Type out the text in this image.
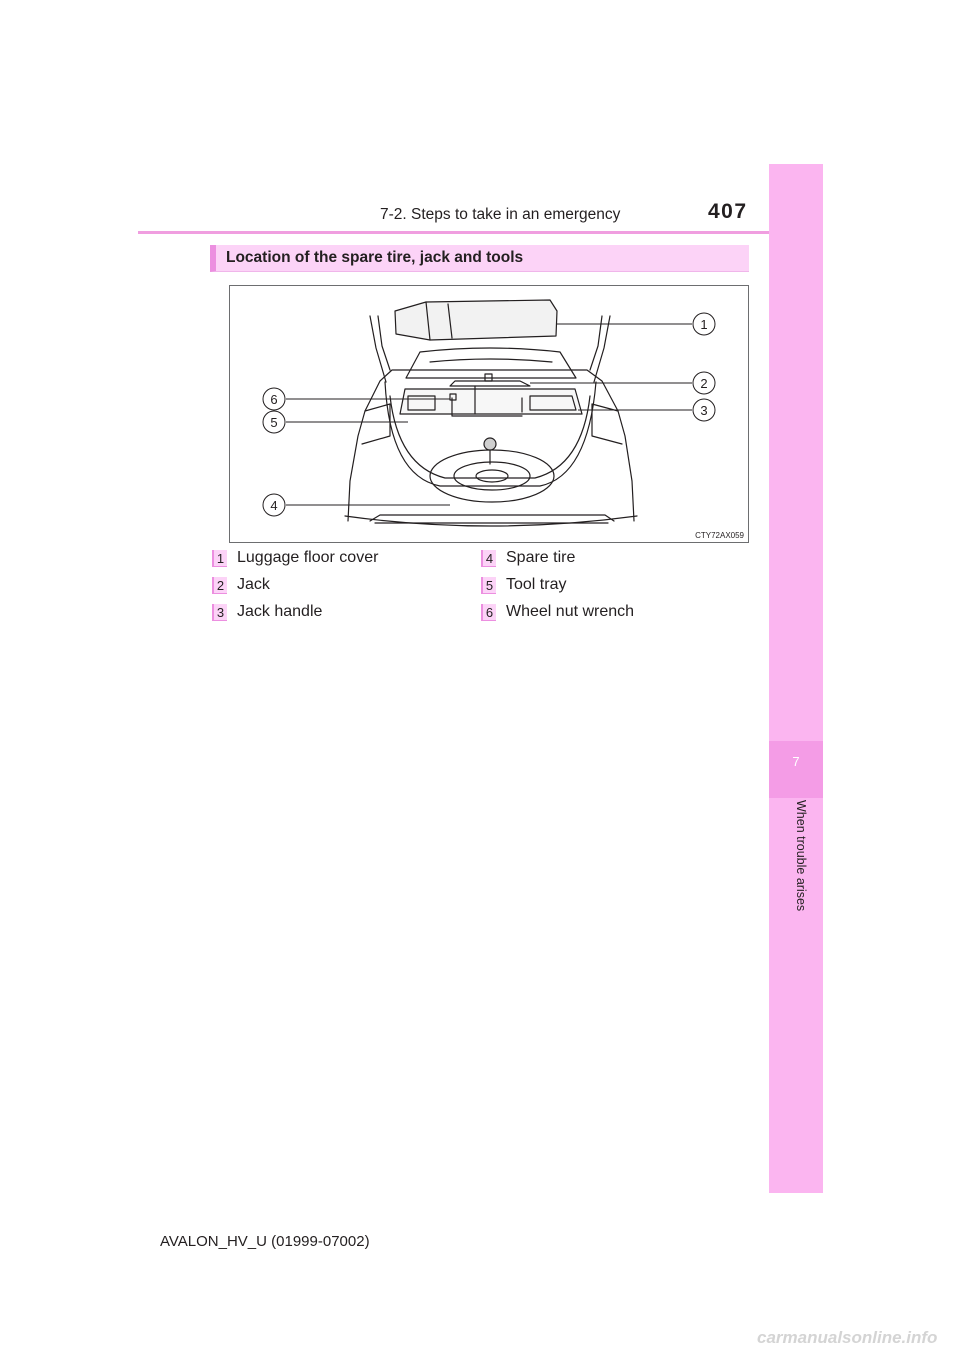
7-2. Steps to take in an emergency	407
7
When trouble arises
Location of the spare tire, jack and tools
1
2
3
4
5
6
CTY72AX059
1 Luggage floor cover
2 Jack
3 Jack handle
4 Spare tire
5 Tool tray
6 Wheel nut wrench
AVALON_HV_U (01999-07002)
carmanualsonline.info
